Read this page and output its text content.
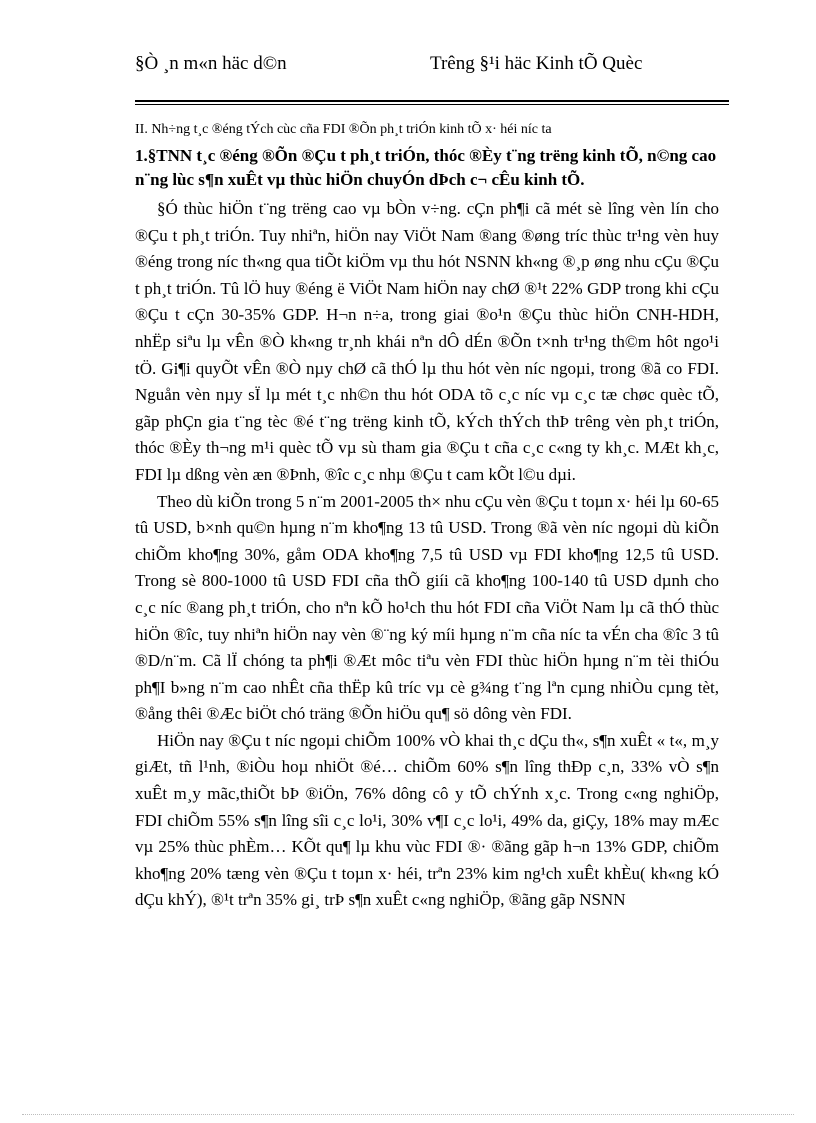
§Ò ¸n m«n häc d©n	Trêng §¹i häc Kinh tÕ Quèc
II. Nh÷ng t¸c ®éng tÝch cùc cña FDI ®Õn ph¸t triÓn kinh tÕ x· héi níc ta
1.§TNN t¸c ®éng ®Õn ®Çu t ph¸t triÓn, thóc ®Èy t¨ng trëng kinh tÕ, n©ng cao n¨ng lùc s¶n xuÊt vµ thùc hiÖn chuyÓn dÞch c¬ cÊu kinh tÕ.

§Ó thùc hiÖn t¨ng trëng cao vµ bÒn v÷ng. cÇn ph¶i cã mét sè lîng vèn lín cho ®Çu t ph¸t triÓn. Tuy nhiªn, hiÖn nay ViÖt Nam ®ang ®øng tríc thùc tr¹ng vèn huy ®éng trong níc th«ng qua tiÕt kiÖm vµ thu hót NSNN kh«ng ®¸p øng nhu cÇu ®Çu t ph¸t triÓn. Tû lÖ huy ®éng ë ViÖt Nam hiÖn nay chØ ®¹t 22% GDP trong khi cÇu ®Çu t cÇn 30-35% GDP. H¬n n÷a, trong giai ®o¹n ®Çu thùc hiÖn CNH-HDH, nhËp siªu lµ vÊn ®Ò kh«ng tr¸nh khái nªn dÔ dÉn ®Õn t×nh tr¹ng th©m hôt ngo¹i tÖ. Gi¶i quyÕt vÊn ®Ò nµy chØ cã thÓ lµ thu hót vèn níc ngoµi, trong ®ã co FDI. Nguån vèn nµy sÏ lµ mét t¸c nh©n thu hót ODA tõ c¸c níc vµ c¸c tæ chøc quèc tÕ, gãp phÇn gia t¨ng tèc ®é t¨ng trëng kinh tÕ, kÝch thÝch thÞ trêng vèn ph¸t triÓn, thóc ®Èy th¬ng m¹i quèc tÕ vµ sù tham gia ®Çu t cña c¸c c«ng ty kh¸c. MÆt kh¸c, FDI lµ dßng vèn æn ®Þnh, ®îc c¸c nhµ ®Çu t cam kÕt l©u dµi.

Theo dù kiÕn trong 5 n¨m 2001-2005 th× nhu cÇu vèn ®Çu t toµn x· héi lµ 60-65 tû USD, b×nh qu©n hµng n¨m kho¶ng 13 tû USD. Trong ®ã vèn níc ngoµi dù kiÕn chiÕm kho¶ng 30%, gåm ODA kho¶ng 7,5 tû USD vµ FDI kho¶ng 12,5 tû USD. Trong sè 800-1000 tû USD FDI cña thÕ giíi cã kho¶ng 100-140 tû USD dµnh cho c¸c níc ®ang ph¸t triÓn, cho nªn kÕ ho¹ch thu hót FDI cña ViÖt Nam lµ cã thÓ thùc hiÖn ®îc, tuy nhiªn hiÖn nay vèn ®¨ng ký míi hµng n¨m cña níc ta vÉn cha ®îc 3 tû ®D/n¨m. Cã lÏ chóng ta ph¶i ®Æt môc tiªu vèn FDI thùc hiÖn hµng n¨m tèi thiÓu ph¶I b»ng n¨m cao nhÊt cña thËp kû tríc vµ cè g¾ng t¨ng lªn cµng nhiÒu cµng tèt, ®ång thêi ®Æc biÖt chó träng ®Õn hiÖu qu¶ sö dông vèn FDI.

HiÖn nay ®Çu t níc ngoµi chiÕm 100% vÒ khai th¸c dÇu th«, s¶n xuÊt « t«, m¸y giÆt, tñ l¹nh, ®iÒu hoµ nhiÖt ®é… chiÕm 60% s¶n lîng thÐp c¸n, 33% vÒ s¶n xuÊt m¸y mãc,thiÕt bÞ ®iÖn, 76% dông cô y tÕ chÝnh x¸c. Trong c«ng nghiÖp, FDI chiÕm 55% s¶n lîng sîi c¸c lo¹i, 30% v¶I c¸c lo¹i, 49% da, giÇy, 18% may mÆc vµ 25% thùc phÈm… KÕt qu¶ lµ khu vùc FDI ®· ®ãng gãp h¬n 13% GDP, chiÕm kho¶ng 20% tæng vèn ®Çu t toµn x· héi, trªn 23% kim ng¹ch xuÊt khÈu( kh«ng kÓ dÇu khÝ), ®¹t trªn 35% gi¸ trÞ s¶n xuÊt c«ng nghiÖp, ®ãng gãp NSNN
